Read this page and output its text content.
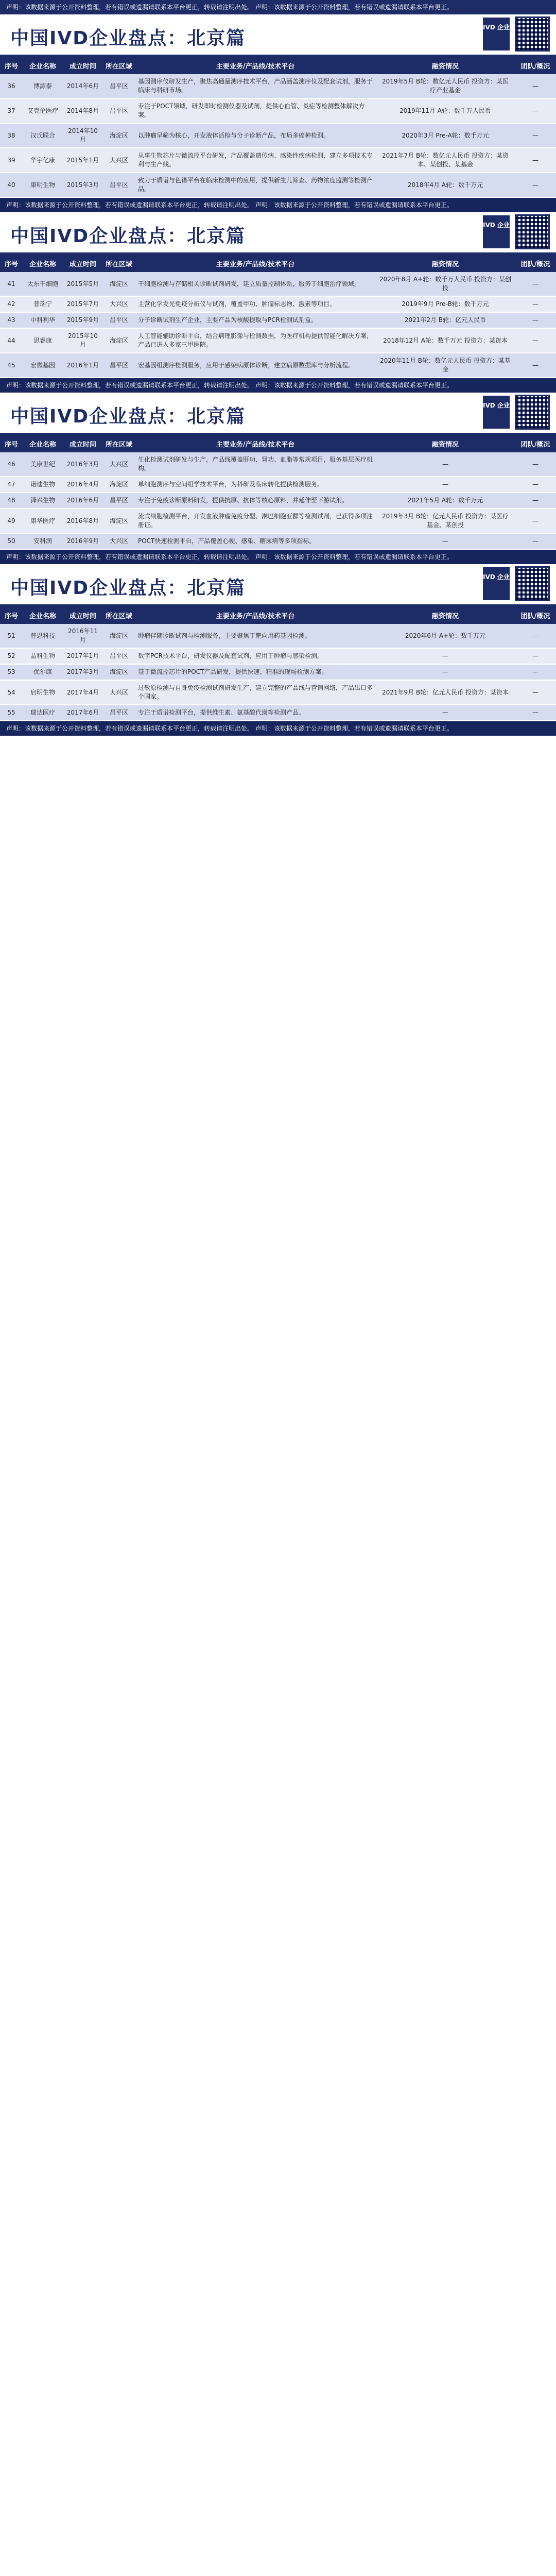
声明：该数据来源于公开资料整理，若有错误或遗漏请联系本平台更正，转载请注明出处。 声明：该数据来源于公开资料整理，若有错误或遗漏请联系本平台更正。
中国IVD企业盘点：北京篇
IVD 企业
序号	企业名称	成立时间	所在区域	主要业务/产品线/技术平台	融资情况	团队/概况
36	博源泰	2014年6月	昌平区	基因测序仪研发生产，聚焦高通量测序技术平台，产品涵盖测序仪及配套试剂，服务于临床与科研市场。	2019年5月 B轮：数亿元人民币 投资方：某医疗产业基金	—
37	艾克伦医疗	2014年8月	昌平区	专注于POCT领域，研发即时检测仪器及试剂，提供心血管、炎症等检测整体解决方案。	2019年11月 A轮：数千万人民币	—
38	汉氏联合	2014年10月	海淀区	以肿瘤早筛为核心，开发液体活检与分子诊断产品，布局多癌种检测。	2020年3月 Pre-A轮：数千万元	—
39	华宇亿康	2015年1月	大兴区	从事生物芯片与微流控平台研发，产品覆盖遗传病、感染性疾病检测，建立多项技术专利与生产线。	2021年7月 B轮：数亿元人民币 投资方：某资本、某创投、某基金	—
40	康明生物	2015年3月	昌平区	致力于质谱与色谱平台在临床检测中的应用，提供新生儿筛查、药物浓度监测等检测产品。	2018年4月 A轮：数千万元	—
声明：该数据来源于公开资料整理，若有错误或遗漏请联系本平台更正，转载请注明出处。 声明：该数据来源于公开资料整理，若有错误或遗漏请联系本平台更正。
中国IVD企业盘点：北京篇
IVD 企业
序号	企业名称	成立时间	所在区域	主要业务/产品线/技术平台	融资情况	团队/概况
41	太东干细胞	2015年5月	海淀区	干细胞检测与存储相关诊断试剂研发，建立质量控制体系，服务于细胞治疗领域。	2020年8月 A+轮：数千万人民币 投资方：某创投	—
42	普瑞宁	2015年7月	大兴区	主营化学发光免疫分析仪与试剂，覆盖甲功、肿瘤标志物、激素等项目。	2019年9月 Pre-B轮：数千万元	—
43	中科利华	2015年9月	昌平区	分子诊断试剂生产企业，主要产品为核酸提取与PCR检测试剂盒。	2021年2月 B轮：亿元人民币	—
44	思睿康	2015年10月	海淀区	人工智能辅助诊断平台，结合病理影像与检测数据，为医疗机构提供智能化解决方案，产品已进入多家三甲医院。	2018年12月 A轮：数千万元 投资方：某资本	—
45	宏微基因	2016年1月	昌平区	宏基因组测序检测服务，应用于感染病原体诊断，建立病原数据库与分析流程。	2020年11月 B轮：数亿元人民币 投资方：某基金	—
声明：该数据来源于公开资料整理，若有错误或遗漏请联系本平台更正，转载请注明出处。 声明：该数据来源于公开资料整理，若有错误或遗漏请联系本平台更正。
中国IVD企业盘点：北京篇
IVD 企业
序号	企业名称	成立时间	所在区域	主要业务/产品线/技术平台	融资情况	团队/概况
46	美康世纪	2016年3月	大兴区	生化检测试剂研发与生产，产品线覆盖肝功、肾功、血脂等常规项目，服务基层医疗机构。	—	—
47	诺迪生物	2016年4月	海淀区	单细胞测序与空间组学技术平台，为科研及临床转化提供检测服务。	—	—
48	泽兴生物	2016年6月	昌平区	专注于免疫诊断原料研发，提供抗原、抗体等核心原料，并延伸至下游试剂。	2021年5月 A轮：数千万元	—
49	康华医疗	2016年8月	海淀区	流式细胞检测平台，开发血液肿瘤免疫分型、淋巴细胞亚群等检测试剂，已获得多项注册证。	2019年3月 B轮：亿元人民币 投资方：某医疗基金、某创投	—
50	安科润	2016年9月	大兴区	POCT快速检测平台，产品覆盖心梗、感染、糖尿病等多项指标。	—	—
声明：该数据来源于公开资料整理，若有错误或遗漏请联系本平台更正，转载请注明出处。 声明：该数据来源于公开资料整理，若有错误或遗漏请联系本平台更正。
中国IVD企业盘点：北京篇
IVD 企业
序号	企业名称	成立时间	所在区域	主要业务/产品线/技术平台	融资情况	团队/概况
51	普恩科技	2016年11月	海淀区	肿瘤伴随诊断试剂与检测服务，主要聚焦于靶向用药基因检测。	2020年6月 A+轮：数千万元	—
52	晶科生物	2017年1月	昌平区	数字PCR技术平台，研发仪器及配套试剂，应用于肿瘤与感染检测。	—	—
53	优尔康	2017年3月	海淀区	基于微流控芯片的POCT产品研发，提供快速、精准的现场检测方案。	—	—
54	启明生物	2017年4月	大兴区	过敏原检测与自身免疫检测试剂研发生产，建立完整的产品线与营销网络，产品出口多个国家。	2021年9月 B轮：亿元人民币 投资方：某资本	—
55	瑞达医疗	2017年6月	昌平区	专注于质谱检测平台，提供维生素、氨基酸代谢等检测产品。	—	—
声明：该数据来源于公开资料整理，若有错误或遗漏请联系本平台更正，转载请注明出处。 声明：该数据来源于公开资料整理，若有错误或遗漏请联系本平台更正。
